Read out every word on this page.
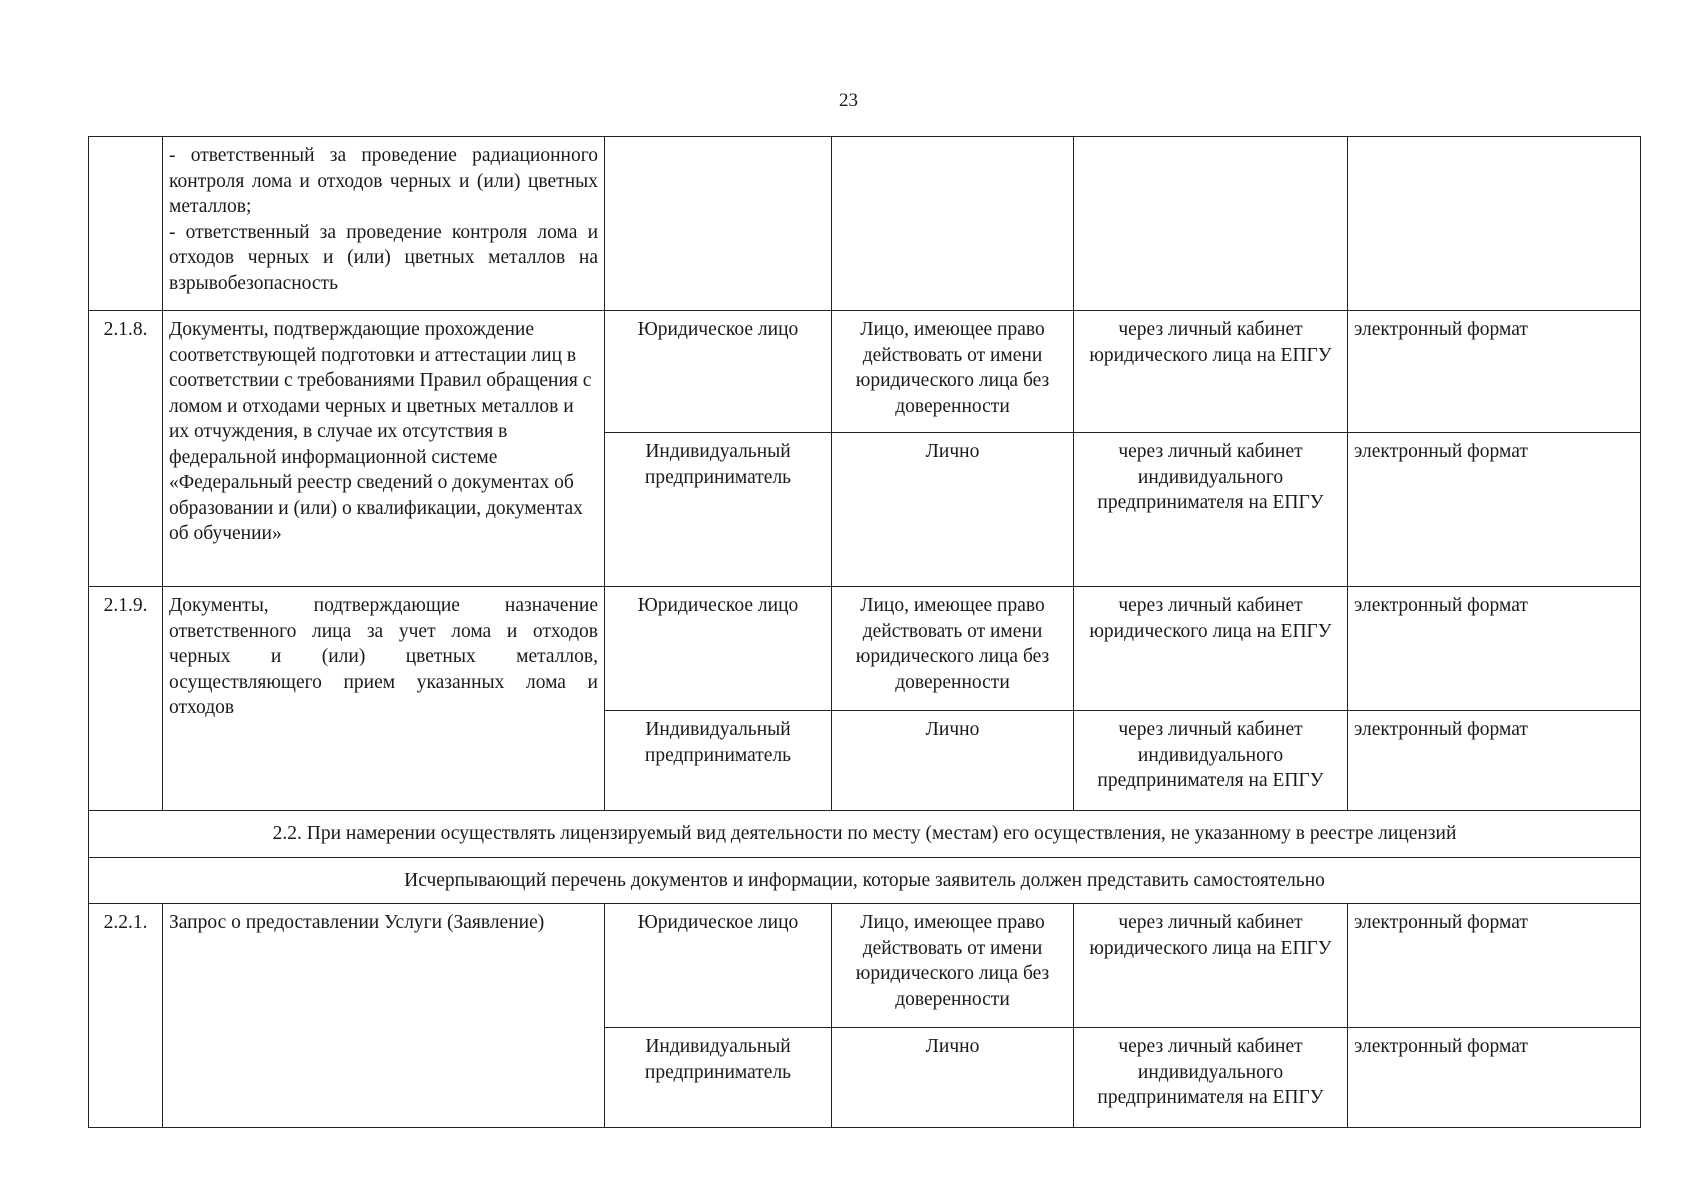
23

	- ответственный за проведение радиационного контроля лома и отходов черных и (или) цветных металлов;
- ответственный за проведение контроля лома и отходов черных и (или) цветных металлов на взрывобезопасность				

2.1.8.	Документы, подтверждающие прохождение соответствующей подготовки и аттестации лиц в соответствии с требованиями Правил обращения с ломом и отходами черных и цветных металлов и их отчуждения, в случае их отсутствия в федеральной информационной системе «Федеральный реестр сведений о документах об образовании и (или) о квалификации, документах об обучении»	Юридическое лицо	Лицо, имеющее право действовать от имени юридического лица без доверенности	через личный кабинет юридического лица на ЕПГУ	электронный формат
		Индивидуальный предприниматель	Лично	через личный кабинет индивидуального предпринимателя на ЕПГУ	электронный формат
2.1.9.	Документы, подтверждающие назначение ответственного лица за учет лома и отходов черных и (или) цветных металлов, осуществляющего прием указанных лома и отходов	Юридическое лицо	Лицо, имеющее право действовать от имени юридического лица без доверенности	через личный кабинет юридического лица на ЕПГУ	электронный формат
		Индивидуальный предприниматель	Лично	через личный кабинет индивидуального предпринимателя на ЕПГУ	электронный формат
2.2. При намерении осуществлять лицензируемый вид деятельности по месту (местам) его осуществления, не указанному в реестре лицензий					
Исчерпывающий перечень документов и информации, которые заявитель должен представить самостоятельно					
2.2.1.	Запрос о предоставлении Услуги (Заявление)	Юридическое лицо	Лицо, имеющее право действовать от имени юридического лица без доверенности	через личный кабинет юридического лица на ЕПГУ	электронный формат
		Индивидуальный предприниматель	Лично	через личный кабинет индивидуального предпринимателя на ЕПГУ	электронный формат
